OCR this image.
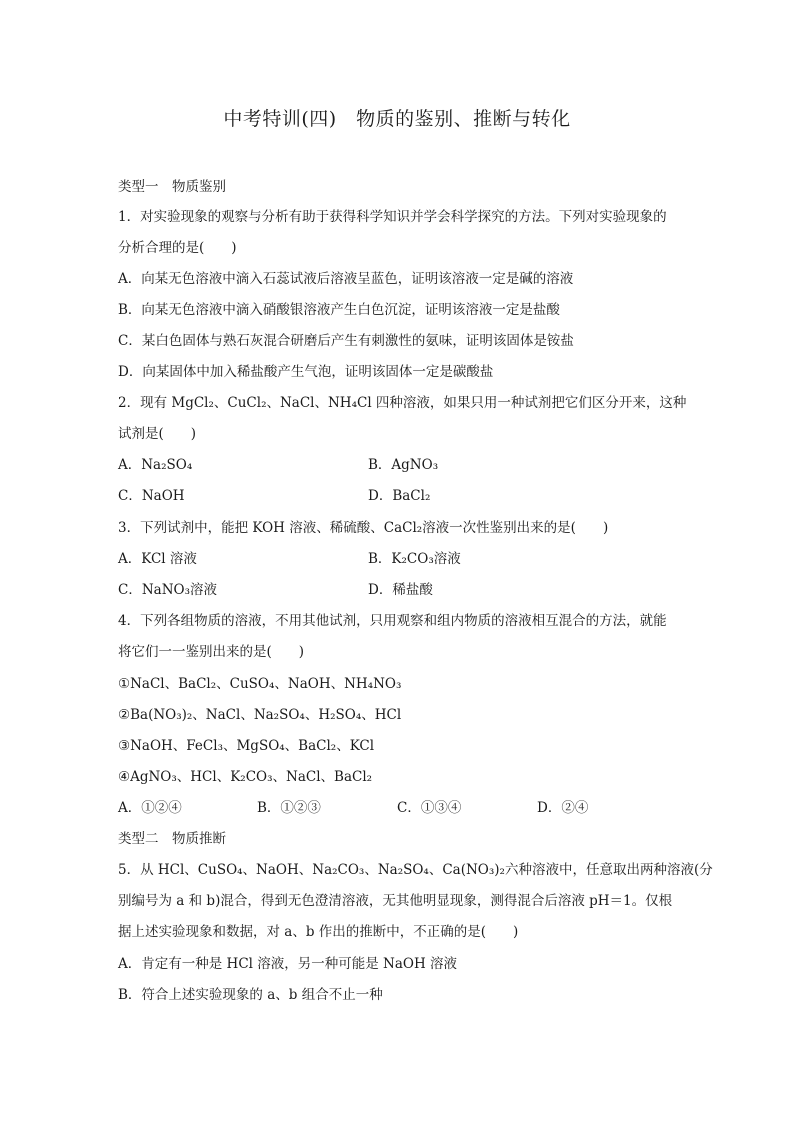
中考特训(四)　物质的鉴别、推断与转化
类型一　物质鉴别
1．对实验现象的观察与分析有助于获得科学知识并学会科学探究的方法。下列对实验现象的
分析合理的是(　　)
A．向某无色溶液中滴入石蕊试液后溶液呈蓝色，证明该溶液一定是碱的溶液
B．向某无色溶液中滴入硝酸银溶液产生白色沉淀，证明该溶液一定是盐酸
C．某白色固体与熟石灰混合研磨后产生有刺激性的氨味，证明该固体是铵盐
D．向某固体中加入稀盐酸产生气泡，证明该固体一定是碳酸盐
2．现有 MgCl₂、CuCl₂、NaCl、NH₄Cl 四种溶液，如果只用一种试剂把它们区分开来，这种
试剂是(　　)
A．Na₂SO₄	B．AgNO₃
C．NaOH	D．BaCl₂
3．下列试剂中，能把 KOH 溶液、稀硫酸、CaCl₂溶液一次性鉴别出来的是(　　)
A．KCl 溶液	B．K₂CO₃溶液
C．NaNO₃溶液	D．稀盐酸
4．下列各组物质的溶液，不用其他试剂，只用观察和组内物质的溶液相互混合的方法，就能
将它们一一鉴别出来的是(　　)
①NaCl、BaCl₂、CuSO₄、NaOH、NH₄NO₃
②Ba(NO₃)₂、NaCl、Na₂SO₄、H₂SO₄、HCl
③NaOH、FeCl₃、MgSO₄、BaCl₂、KCl
④AgNO₃、HCl、K₂CO₃、NaCl、BaCl₂
A．①②④	B．①②③	C．①③④	D．②④
类型二　物质推断
5．从 HCl、CuSO₄、NaOH、Na₂CO₃、Na₂SO₄、Ca(NO₃)₂六种溶液中，任意取出两种溶液(分
别编号为 a 和 b)混合，得到无色澄清溶液，无其他明显现象，测得混合后溶液 pH＝1。仅根
据上述实验现象和数据，对 a、b 作出的推断中，不正确的是(　　)
A．肯定有一种是 HCl 溶液，另一种可能是 NaOH 溶液
B．符合上述实验现象的 a、b 组合不止一种
